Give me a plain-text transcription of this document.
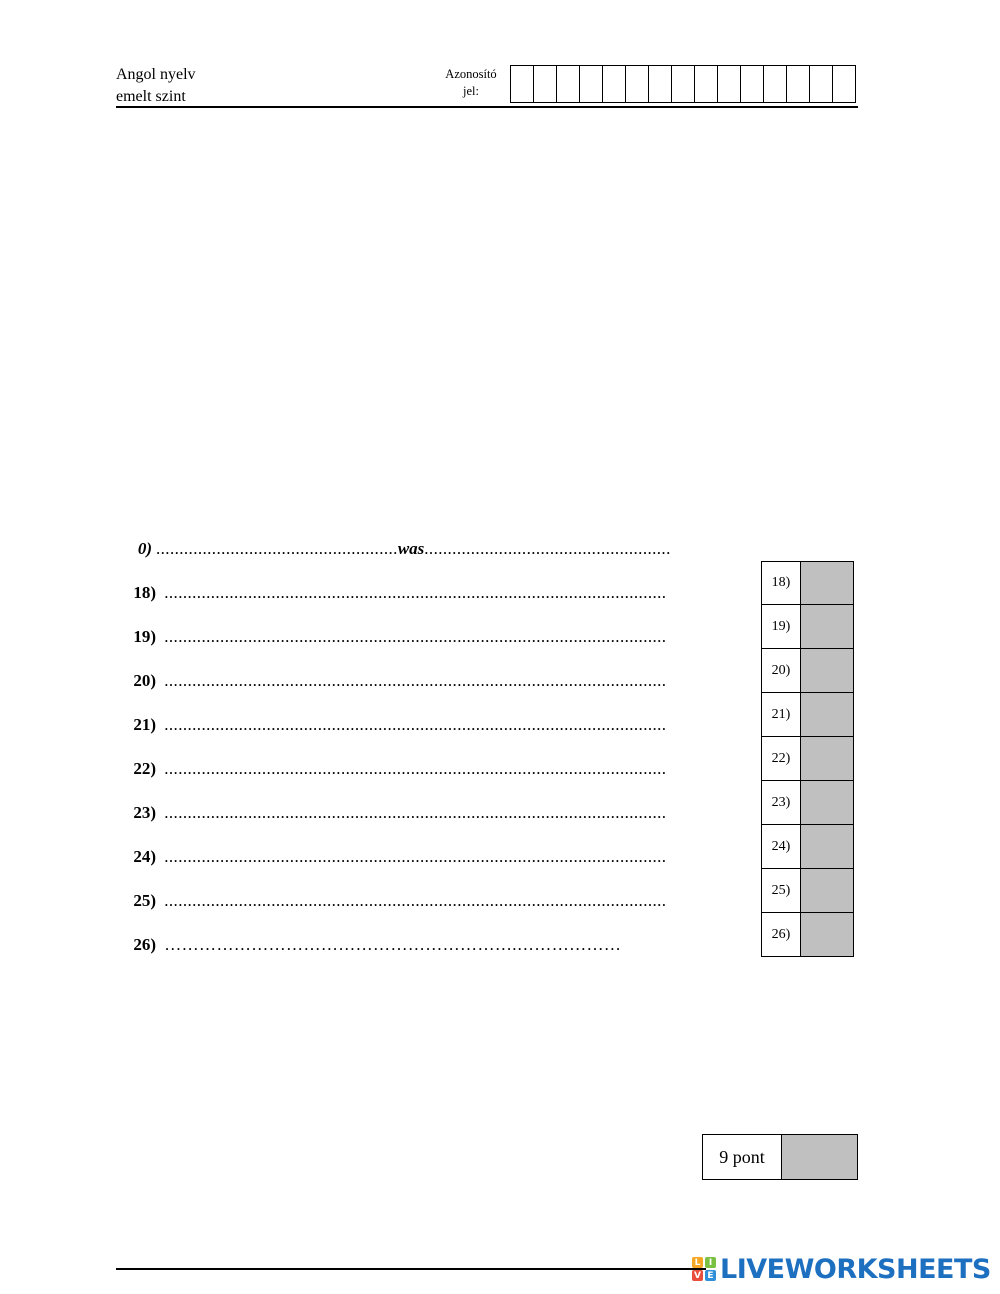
Angol nyelv
emelt szint
Azonosító
jel:
0) ....................................................was.....................................................
18) ............................................................................................................
19) ............................................................................................................
20) ............................................................................................................
21) ............................................................................................................
22) ............................................................................................................
23) ............................................................................................................
24) ............................................................................................................
25) ............................................................................................................
26) …………………………………………………….………………
18)
19)
20)
21)
22)
23)
24)
25)
26)
9 pont
L I
V E LIVEWORKSHEETS
